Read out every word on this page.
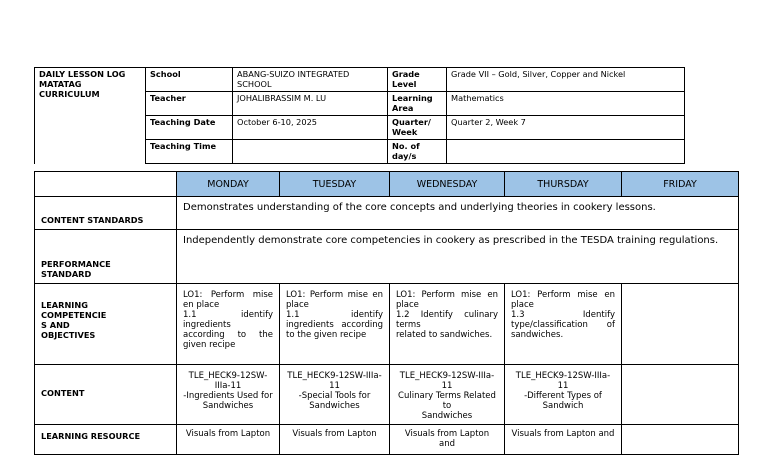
DAILY LESSON LOG
MATATAG
CURRICULUM	School	ABANG-SUIZO INTEGRATED SCHOOL	Grade Level	Grade VII – Gold, Silver, Copper and Nickel
	Teacher	JOHALIBRASSIM M. LU	Learning Area	Mathematics
	Teaching Date	October 6-10, 2025	Quarter/ Week	Quarter 2, Week 7
	Teaching Time		No. of day/s	
	MONDAY	TUESDAY	WEDNESDAY	THURSDAY	FRIDAY
CONTENT STANDARDS	Demonstrates understanding of the core concepts and underlying theories in cookery lessons.				

PERFORMANCE
STANDARD	Independently demonstrate core competencies in cookery as prescribed in the TESDA training regulations.				

LEARNING
COMPETENCIE
S AND
OBJECTIVES	LO1: Perform mise en place
1.1 identify ingredients according to the given recipe	LO1: Perform mise en place
1.1 identify ingredients according to the given recipe	LO1: Perform mise en place
1.2 Identify culinary terms
related to sandwiches.	LO1: Perform mise en place
1.3 Identify type/classification of sandwiches.	

CONTENT	TLE_HECK9-12SW-IIIa-11
-Ingredients Used for Sandwiches	TLE_HECK9-12SW-IIIa-11
-Special Tools for Sandwiches	TLE_HECK9-12SW-IIIa-11
Culinary Terms Related to
Sandwiches	TLE_HECK9-12SW-IIIa-11
-Different Types of Sandwich	

LEARNING RESOURCE	Visuals from Lapton	Visuals from Lapton	Visuals from Lapton and	Visuals from Lapton and	
